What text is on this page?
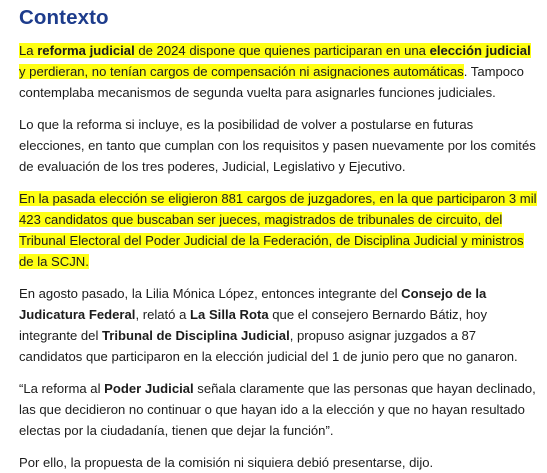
Contexto

La reforma judicial de 2024 dispone que quienes participaran en una elección judicial y perdieran, no tenían cargos de compensación ni asignaciones automáticas. Tampoco contemplaba mecanismos de segunda vuelta para asignarles funciones judiciales.

Lo que la reforma si incluye, es la posibilidad de volver a postularse en futuras elecciones, en tanto que cumplan con los requisitos y pasen nuevamente por los comités de evaluación de los tres poderes, Judicial, Legislativo y Ejecutivo.

En la pasada elección se eligieron 881 cargos de juzgadores, en la que participaron 3 mil 423 candidatos que buscaban ser jueces, magistrados de tribunales de circuito, del Tribunal Electoral del Poder Judicial de la Federación, de Disciplina Judicial y ministros de la SCJN.

En agosto pasado, la Lilia Mónica López, entonces integrante del Consejo de la Judicatura Federal, relató a La Silla Rota que el consejero Bernardo Bátiz, hoy integrante del Tribunal de Disciplina Judicial, propuso asignar juzgados a 87 candidatos que participaron en la elección judicial del 1 de junio pero que no ganaron.

“La reforma al Poder Judicial señala claramente que las personas que hayan declinado, las que decidieron no continuar o que hayan ido a la elección y que no hayan resultado electas por la ciudadanía, tienen que dejar la función”.

Por ello, la propuesta de la comisión ni siquiera debió presentarse, dijo.
